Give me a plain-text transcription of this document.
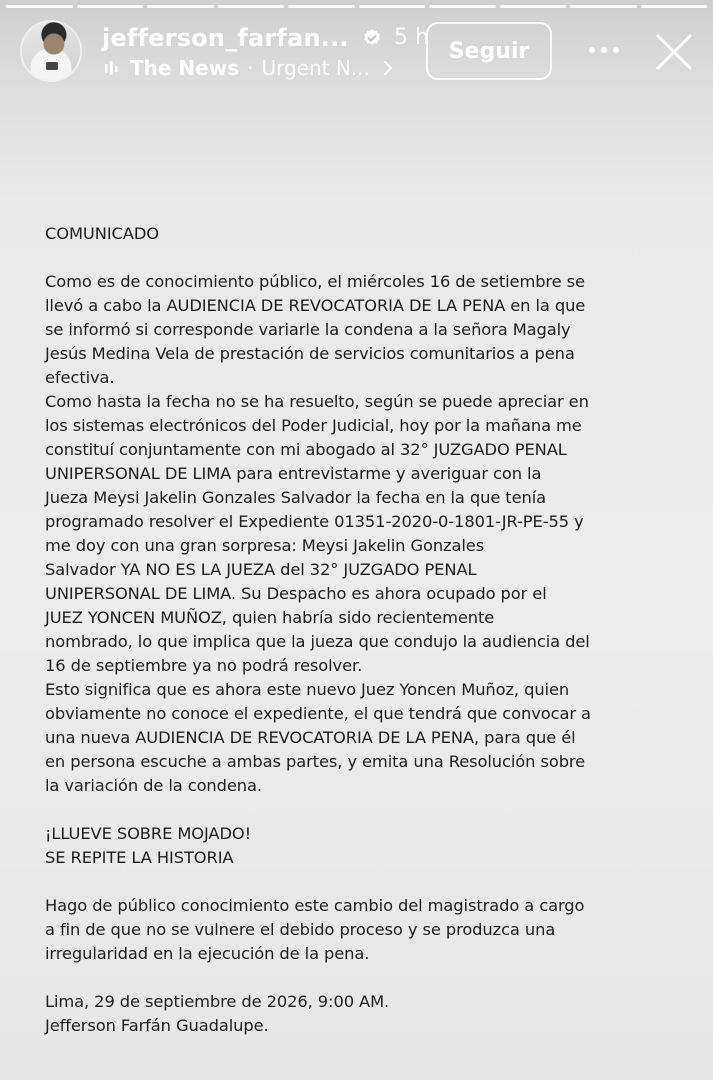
jefferson_farfan... 5 h
The News · Urgent N...
Seguir

COMUNICADO

Como es de conocimiento público, el miércoles 16 de setiembre se
llevó a cabo la AUDIENCIA DE REVOCATORIA DE LA PENA en la que
se informó si corresponde variarle la condena a la señora Magaly
Jesús Medina Vela de prestación de servicios comunitarios a pena
efectiva.

Como hasta la fecha no se ha resuelto, según se puede apreciar en
los sistemas electrónicos del Poder Judicial, hoy por la mañana me
constituí conjuntamente con mi abogado al 32° JUZGADO PENAL
UNIPERSONAL DE LIMA para entrevistarme y averiguar con la
Jueza Meysi Jakelin Gonzales Salvador la fecha en la que tenía
programado resolver el Expediente 01351-2020-0-1801-JR-PE-55 y
me doy con una gran sorpresa: Meysi Jakelin Gonzales
Salvador YA NO ES LA JUEZA del 32° JUZGADO PENAL
UNIPERSONAL DE LIMA. Su Despacho es ahora ocupado por el
JUEZ YONCEN MUÑOZ, quien habría sido recientemente
nombrado, lo que implica que la jueza que condujo la audiencia del
16 de septiembre ya no podrá resolver.

Esto significa que es ahora este nuevo Juez Yoncen Muñoz, quien
obviamente no conoce el expediente, el que tendrá que convocar a
una nueva AUDIENCIA DE REVOCATORIA DE LA PENA, para que él
en persona escuche a ambas partes, y emita una Resolución sobre
la variación de la condena.

¡LLUEVE SOBRE MOJADO!
SE REPITE LA HISTORIA

Hago de público conocimiento este cambio del magistrado a cargo
a fin de que no se vulnere el debido proceso y se produzca una
irregularidad en la ejecución de la pena.

Lima, 29 de septiembre de 2026, 9:00 AM.

Jefferson Farfán Guadalupe.
